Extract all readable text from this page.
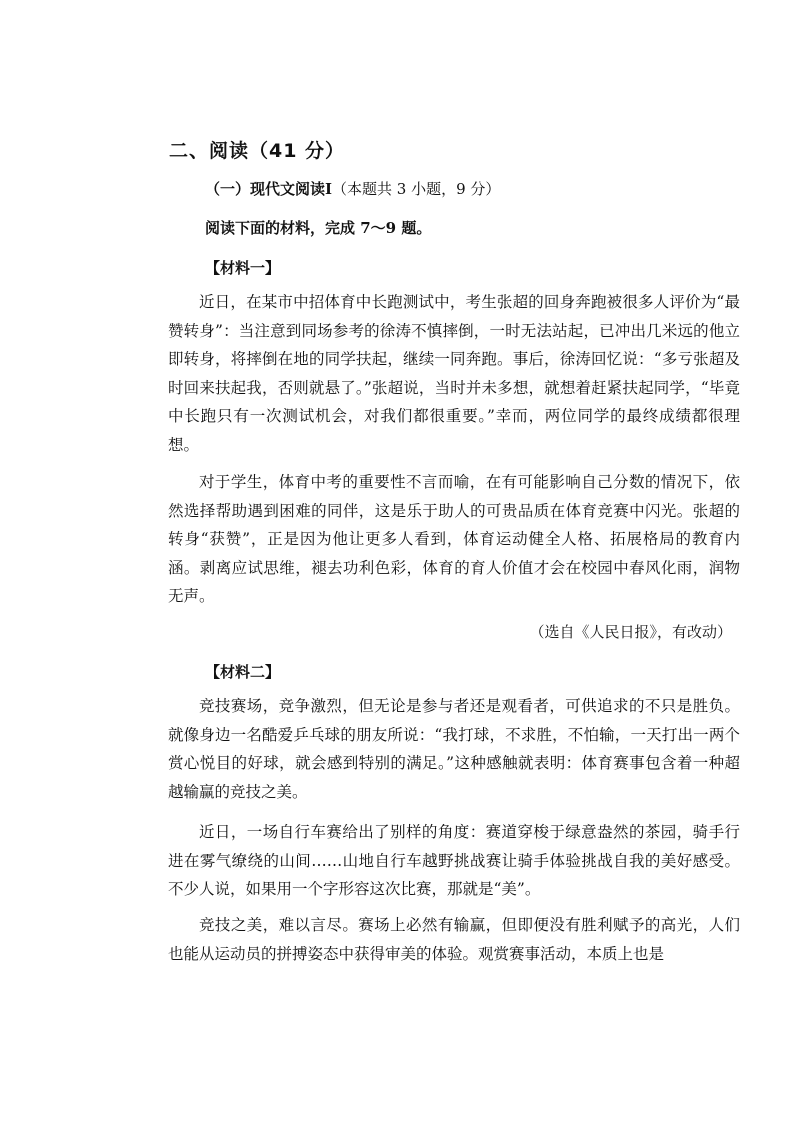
二、阅读（41 分）
（一）现代文阅读Ⅰ（本题共 3 小题，9 分）
阅读下面的材料，完成 7～9 题。
【材料一】

近日，在某市中招体育中长跑测试中，考生张超的回身奔跑被很多人评价为“最赞转身”：当注意到同场参考的徐涛不慎摔倒，一时无法站起，已冲出几米远的他立即转身，将摔倒在地的同学扶起，继续一同奔跑。事后，徐涛回忆说：“多亏张超及时回来扶起我，否则就悬了。”张超说，当时并未多想，就想着赶紧扶起同学，“毕竟中长跑只有一次测试机会，对我们都很重要。”幸而，两位同学的最终成绩都很理想。

对于学生，体育中考的重要性不言而喻，在有可能影响自己分数的情况下，依然选择帮助遇到困难的同伴，这是乐于助人的可贵品质在体育竞赛中闪光。张超的转身“获赞”，正是因为他让更多人看到，体育运动健全人格、拓展格局的教育内涵。剥离应试思维，褪去功利色彩，体育的育人价值才会在校园中春风化雨，润物无声。

（选自《人民日报》，有改动）
【材料二】

竞技赛场，竞争激烈，但无论是参与者还是观看者，可供追求的不只是胜负。就像身边一名酷爱乒乓球的朋友所说：“我打球，不求胜，不怕输，一天打出一两个赏心悦目的好球，就会感到特别的满足。”这种感触就表明：体育赛事包含着一种超越输赢的竞技之美。

近日，一场自行车赛给出了别样的角度：赛道穿梭于绿意盎然的茶园，骑手行进在雾气缭绕的山间……山地自行车越野挑战赛让骑手体验挑战自我的美好感受。不少人说，如果用一个字形容这次比赛，那就是“美”。

竞技之美，难以言尽。赛场上必然有输赢，但即便没有胜利赋予的高光，人们也能从运动员的拼搏姿态中获得审美的体验。观赏赛事活动，本质上也是
